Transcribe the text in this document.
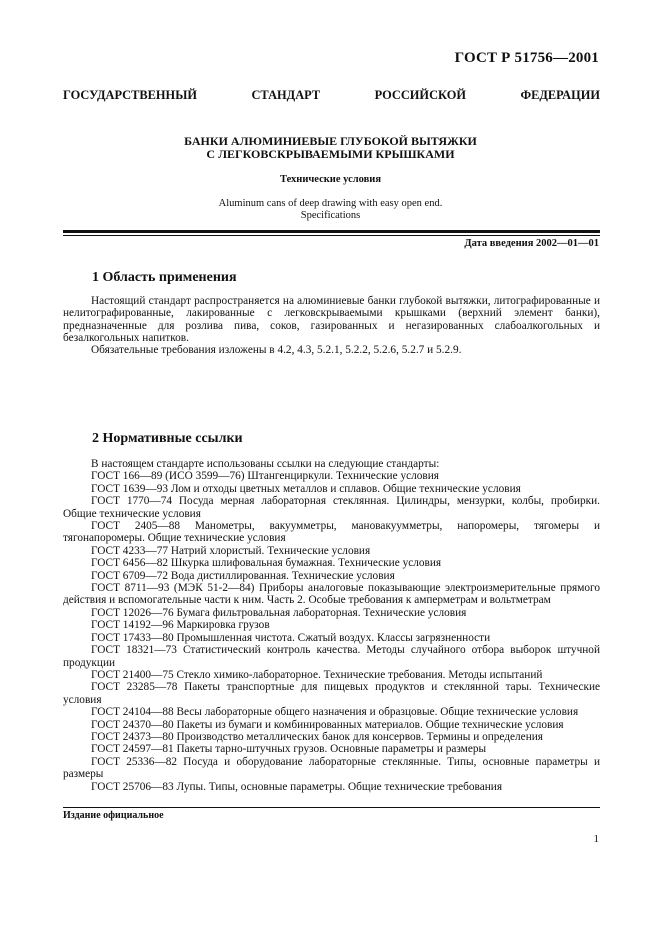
ГОСТ Р 51756—2001
ГОСУДАРСТВЕННЫЙ СТАНДАРТ РОССИЙСКОЙ ФЕДЕРАЦИИ
БАНКИ АЛЮМИНИЕВЫЕ ГЛУБОКОЙ ВЫТЯЖКИ
С ЛЕГКОВСКРЫВАЕМЫМИ КРЫШКАМИ
Технические условия
Aluminum cans of deep drawing with easy open end.
Specifications
Дата введения 2002—01—01
1 Область применения

Настоящий стандарт распространяется на алюминиевые банки глубокой вытяжки, литографированные и нелитографированные, лакированные с легковскрываемыми крышками (верхний элемент банки), предназначенные для розлива пива, соков, газированных и негазированных слабоалкогольных и безалкогольных напитков.

Обязательные требования изложены в 4.2, 4.3, 5.2.1, 5.2.2, 5.2.6, 5.2.7 и 5.2.9.

2 Нормативные ссылки

В настоящем стандарте использованы ссылки на следующие стандарты:

ГОСТ 166—89 (ИСО 3599—76) Штангенциркули. Технические условия

ГОСТ 1639—93 Лом и отходы цветных металлов и сплавов. Общие технические условия

ГОСТ 1770—74 Посуда мерная лабораторная стеклянная. Цилиндры, мензурки, колбы, пробирки. Общие технические условия

ГОСТ 2405—88 Манометры, вакуумметры, мановакуумметры, напоромеры, тягомеры и тягонапоромеры. Общие технические условия

ГОСТ 4233—77 Натрий хлористый. Технические условия

ГОСТ 6456—82 Шкурка шлифовальная бумажная. Технические условия

ГОСТ 6709—72 Вода дистиллированная. Технические условия

ГОСТ 8711—93 (МЭК 51-2—84) Приборы аналоговые показывающие электроизмерительные прямого действия и вспомогательные части к ним. Часть 2. Особые требования к амперметрам и вольтметрам

ГОСТ 12026—76 Бумага фильтровальная лабораторная. Технические условия

ГОСТ 14192—96 Маркировка грузов

ГОСТ 17433—80 Промышленная чистота. Сжатый воздух. Классы загрязненности

ГОСТ 18321—73 Статистический контроль качества. Методы случайного отбора выборок штучной продукции

ГОСТ 21400—75 Стекло химико-лабораторное. Технические требования. Методы испытаний

ГОСТ 23285—78 Пакеты транспортные для пищевых продуктов и стеклянной тары. Технические условия

ГОСТ 24104—88 Весы лабораторные общего назначения и образцовые. Общие технические условия

ГОСТ 24370—80 Пакеты из бумаги и комбинированных материалов. Общие технические условия

ГОСТ 24373—80 Производство металлических банок для консервов. Термины и определения

ГОСТ 24597—81 Пакеты тарно-штучных грузов. Основные параметры и размеры

ГОСТ 25336—82 Посуда и оборудование лабораторные стеклянные. Типы, основные параметры и размеры

ГОСТ 25706—83 Лупы. Типы, основные параметры. Общие технические требования

Издание официальное
1
